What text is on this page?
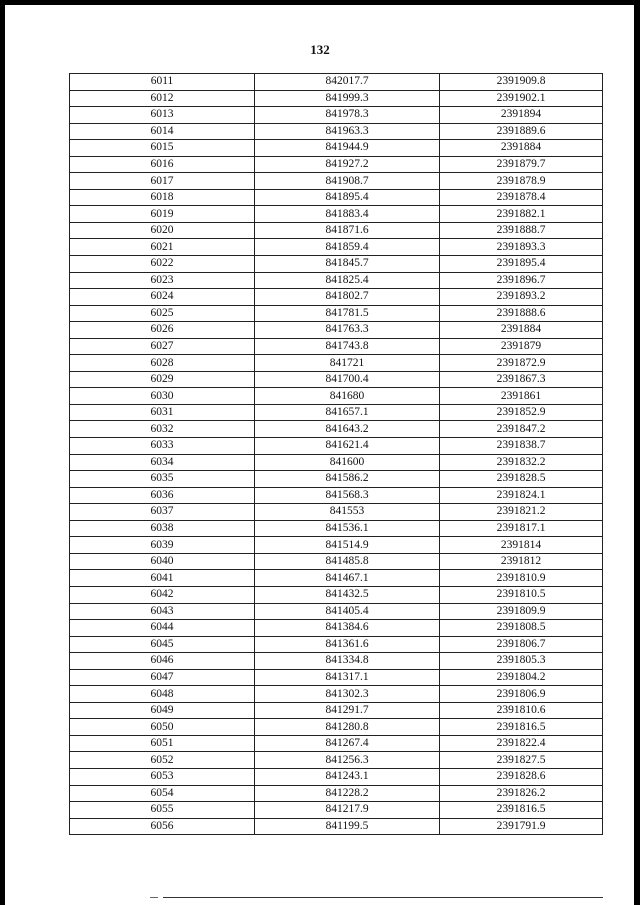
132
6011	842017.7	2391909.8
6012	841999.3	2391902.1
6013	841978.3	2391894
6014	841963.3	2391889.6
6015	841944.9	2391884
6016	841927.2	2391879.7
6017	841908.7	2391878.9
6018	841895.4	2391878.4
6019	841883.4	2391882.1
6020	841871.6	2391888.7
6021	841859.4	2391893.3
6022	841845.7	2391895.4
6023	841825.4	2391896.7
6024	841802.7	2391893.2
6025	841781.5	2391888.6
6026	841763.3	2391884
6027	841743.8	2391879
6028	841721	2391872.9
6029	841700.4	2391867.3
6030	841680	2391861
6031	841657.1	2391852.9
6032	841643.2	2391847.2
6033	841621.4	2391838.7
6034	841600	2391832.2
6035	841586.2	2391828.5
6036	841568.3	2391824.1
6037	841553	2391821.2
6038	841536.1	2391817.1
6039	841514.9	2391814
6040	841485.8	2391812
6041	841467.1	2391810.9
6042	841432.5	2391810.5
6043	841405.4	2391809.9
6044	841384.6	2391808.5
6045	841361.6	2391806.7
6046	841334.8	2391805.3
6047	841317.1	2391804.2
6048	841302.3	2391806.9
6049	841291.7	2391810.6
6050	841280.8	2391816.5
6051	841267.4	2391822.4
6052	841256.3	2391827.5
6053	841243.1	2391828.6
6054	841228.2	2391826.2
6055	841217.9	2391816.5
6056	841199.5	2391791.9
